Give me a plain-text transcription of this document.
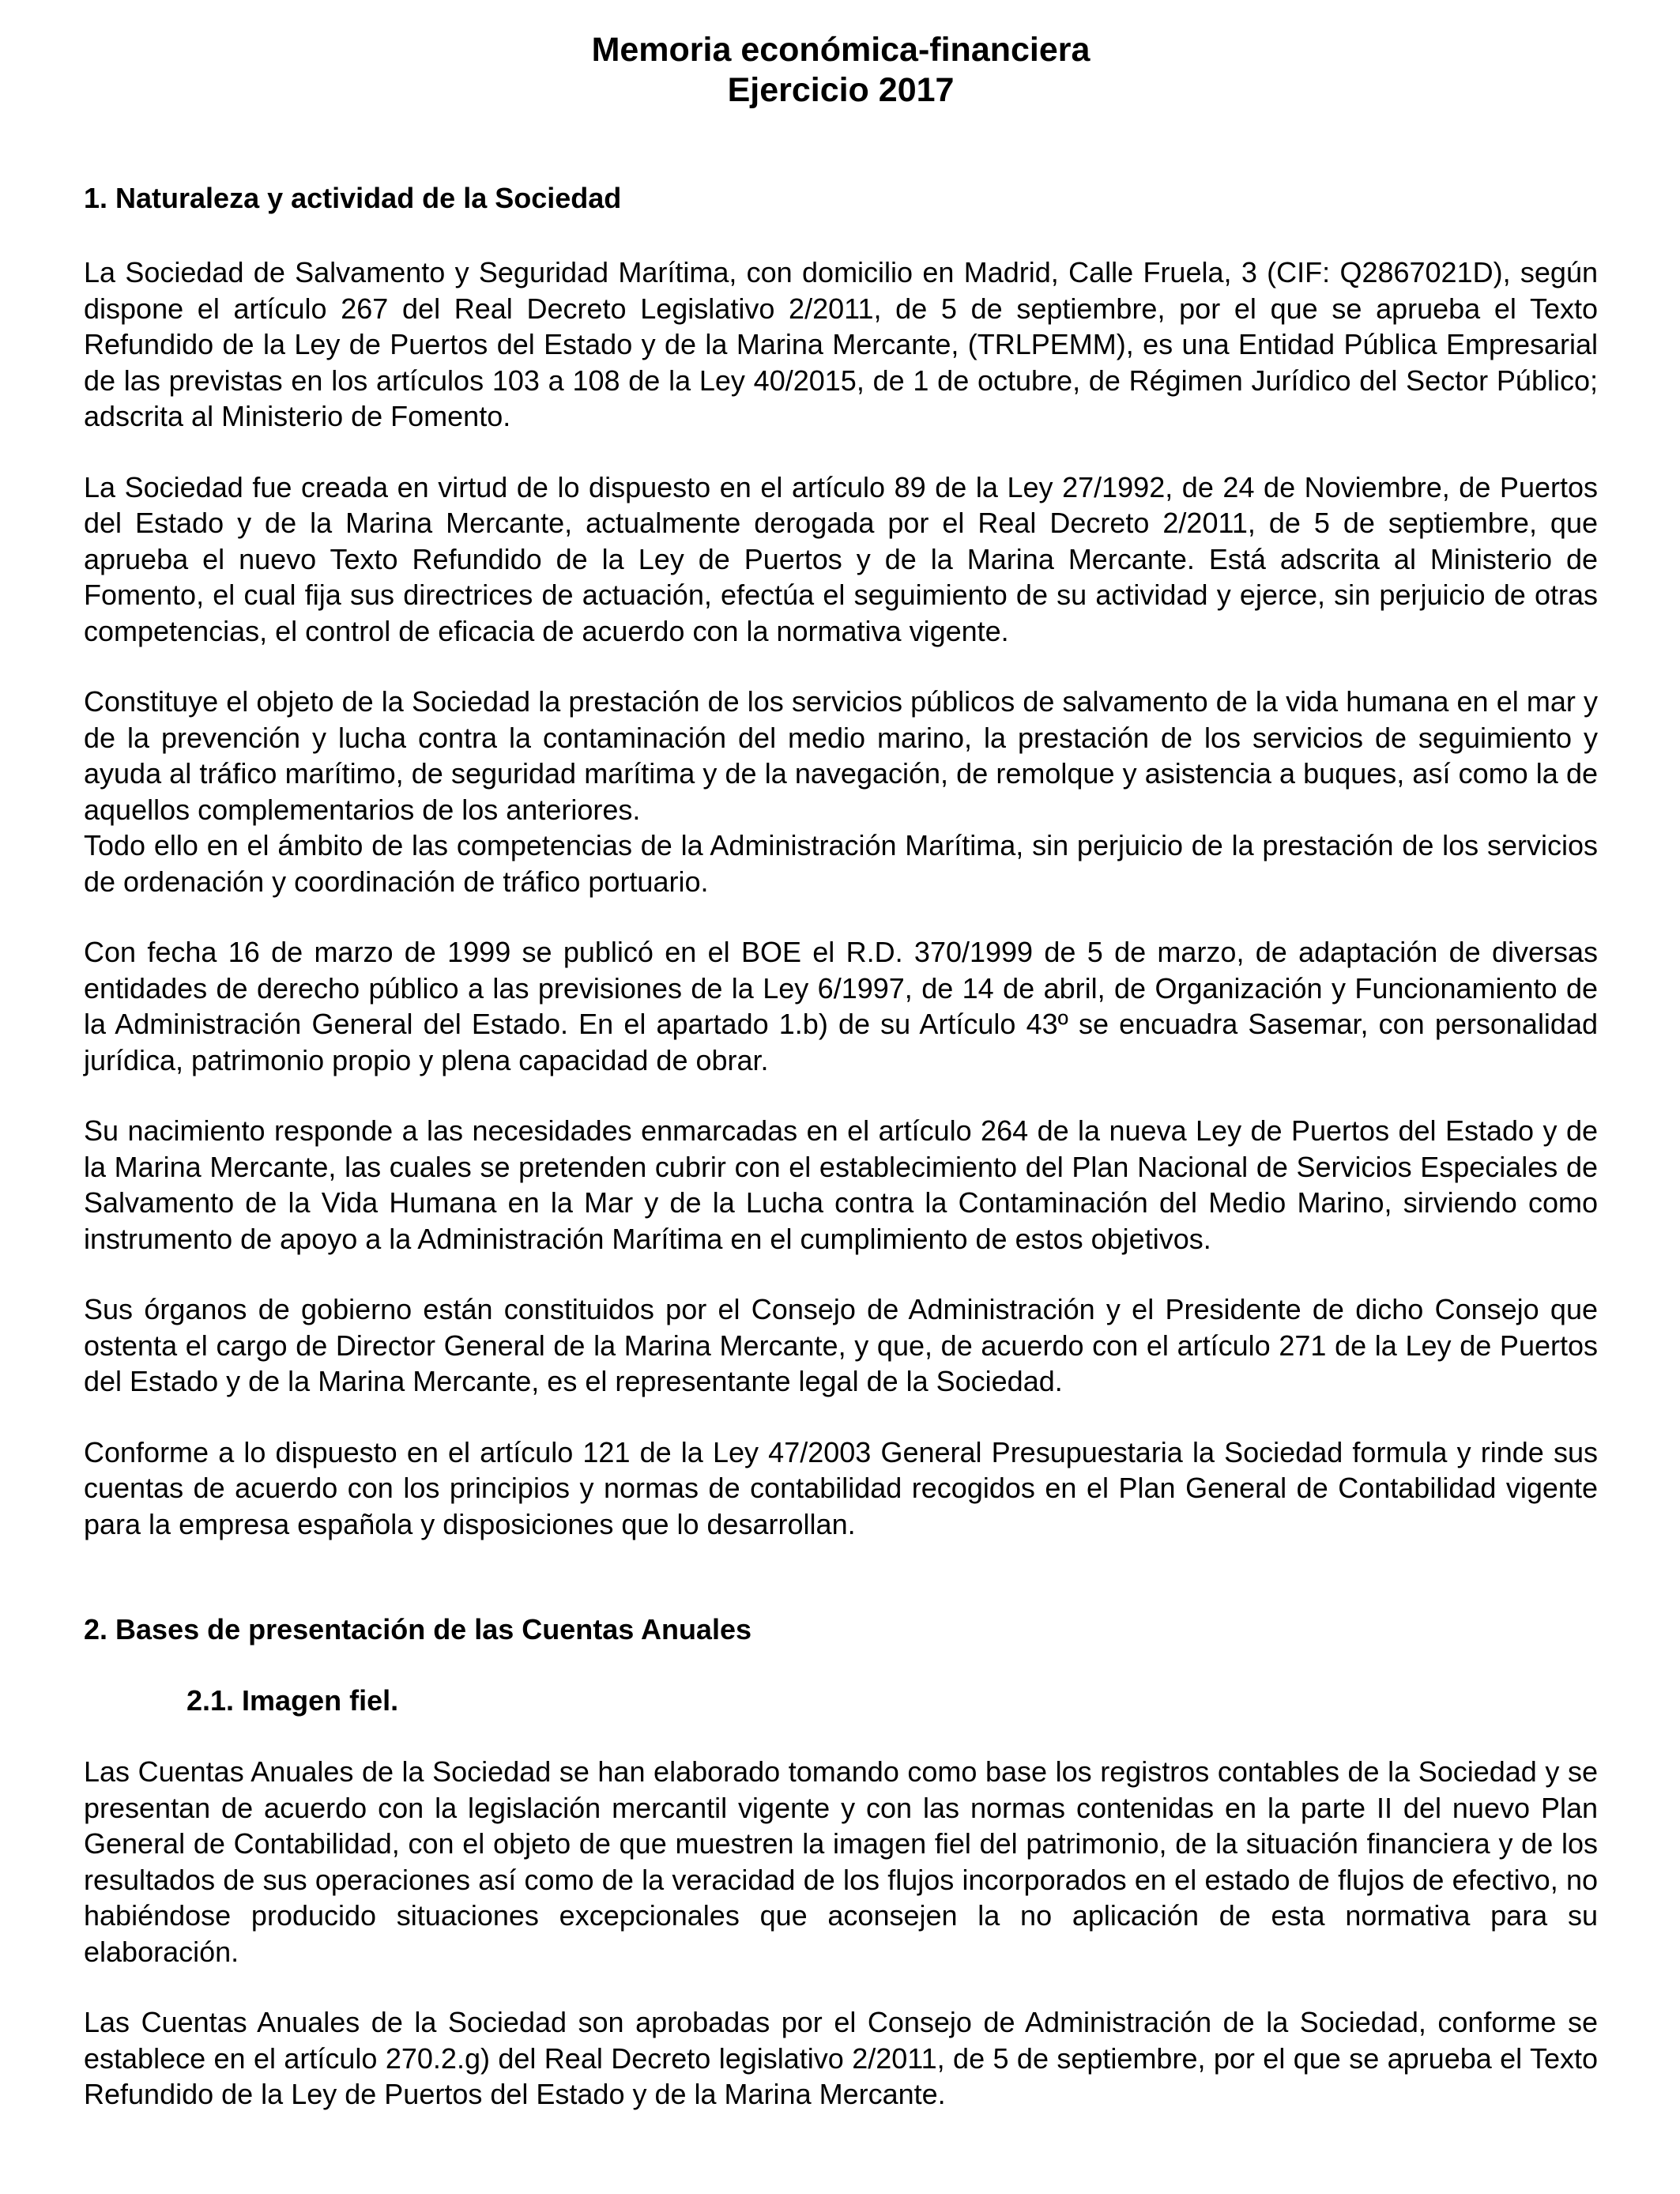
Memoria económica-financiera
Ejercicio 2017
1. Naturaleza y actividad de la Sociedad

La Sociedad de Salvamento y Seguridad Marítima, con domicilio en Madrid, Calle Fruela, 3 (CIF: Q2867021D), según dispone el artículo 267 del Real Decreto Legislativo 2/2011, de 5 de septiembre, por el que se aprueba el Texto Refundido de la Ley de Puertos del Estado y de la Marina Mercante, (TRLPEMM), es una Entidad Pública Empresarial de las previstas en los artículos 103 a 108 de la Ley 40/2015, de 1 de octubre, de Régimen Jurídico del Sector Público; adscrita al Ministerio de Fomento.

La Sociedad fue creada en virtud de lo dispuesto en el artículo 89 de la Ley 27/1992, de 24 de Noviembre, de Puertos del Estado y de la Marina Mercante, actualmente derogada por el Real Decreto 2/2011, de 5 de septiembre, que aprueba el nuevo Texto Refundido de la Ley de Puertos y de la Marina Mercante. Está adscrita al Ministerio de Fomento, el cual fija sus directrices de actuación, efectúa el seguimiento de su actividad y ejerce, sin perjuicio de otras competencias, el control de eficacia de acuerdo con la normativa vigente.

Constituye el objeto de la Sociedad la prestación de los servicios públicos de salvamento de la vida humana en el mar y de la prevención y lucha contra la contaminación del medio marino, la prestación de los servicios de seguimiento y ayuda al tráfico marítimo, de seguridad marítima y de la navegación, de remolque y asistencia a buques, así como la de aquellos complementarios de los anteriores.

Todo ello en el ámbito de las competencias de la Administración Marítima, sin perjuicio de la prestación de los servicios de ordenación y coordinación de tráfico portuario.

Con fecha 16 de marzo de 1999 se publicó en el BOE el R.D. 370/1999 de 5 de marzo, de adaptación de diversas entidades de derecho público a las previsiones de la Ley 6/1997, de 14 de abril, de Organización y Funcionamiento de la Administración General del Estado. En el apartado 1.b) de su Artículo 43º se encuadra Sasemar, con personalidad jurídica, patrimonio propio y plena capacidad de obrar.

Su nacimiento responde a las necesidades enmarcadas en el artículo 264 de la nueva Ley de Puertos del Estado y de la Marina Mercante, las cuales se pretenden cubrir con el establecimiento del Plan Nacional de Servicios Especiales de Salvamento de la Vida Humana en la Mar y de la Lucha contra la Contaminación del Medio Marino, sirviendo como instrumento de apoyo a la Administración Marítima en el cumplimiento de estos objetivos.

Sus órganos de gobierno están constituidos por el Consejo de Administración y el Presidente de dicho Consejo que ostenta el cargo de Director General de la Marina Mercante, y que, de acuerdo con el artículo 271 de la Ley de Puertos del Estado y de la Marina Mercante, es el representante legal de la Sociedad.

Conforme a lo dispuesto en el artículo 121 de la Ley 47/2003 General Presupuestaria la Sociedad formula y rinde sus cuentas de acuerdo con los principios y normas de contabilidad recogidos en el Plan General de Contabilidad vigente para la empresa española y disposiciones que lo desarrollan.

2. Bases de presentación de las Cuentas Anuales
2.1. Imagen fiel.

Las Cuentas Anuales de la Sociedad se han elaborado tomando como base los registros contables de la Sociedad y se presentan de acuerdo con la legislación mercantil vigente y con las normas contenidas en la parte II del nuevo Plan General de Contabilidad, con el objeto de que muestren la imagen fiel del patrimonio, de la situación financiera y de los resultados de sus operaciones así como de la veracidad de los flujos incorporados en el estado de flujos de efectivo, no habiéndose producido situaciones excepcionales que aconsejen la no aplicación de esta normativa para su elaboración.

Las Cuentas Anuales de la Sociedad son aprobadas por el Consejo de Administración de la Sociedad, conforme se establece en el artículo 270.2.g) del Real Decreto legislativo 2/2011, de 5 de septiembre, por el que se aprueba el Texto Refundido de la Ley de Puertos del Estado y de la Marina Mercante.
